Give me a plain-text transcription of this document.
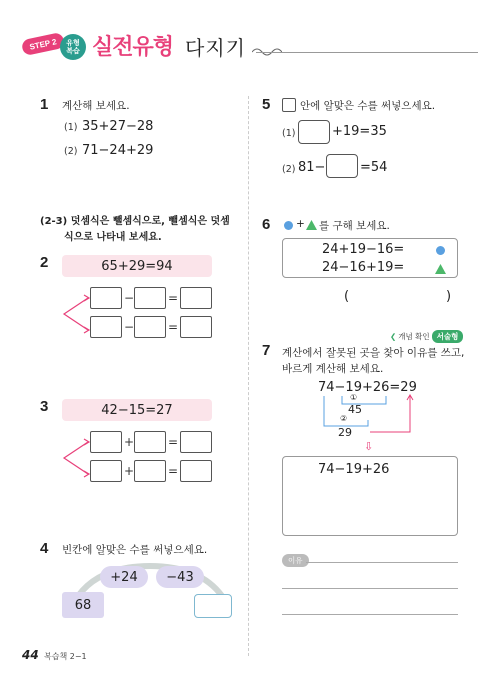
STEP 2	유형
복습 실전유형 다지기
1 계산해 보세요.
(1) 35+27−28
(2) 71−24+29
(2-3) 덧셈식은 뺄셈식으로, 뺄셈식은 덧셈
식으로 나타내 보세요.
2	65+29=94
−	=
−	=
3	42−15=27
+	=
+	=
4 빈칸에 알맞은 수를 써넣으세요.
+24	−43
68
5	안에 알맞은 수를 써넣으세요.
(1)	+19=35
(2) 81−	=54
6 + 를 구해 보세요.
24+19−16=
24−16+19=
(	)
❮ 개념 확인 서술형
7 계산에서 잘못된 곳을 찾아 이유를 쓰고,
바르게 계산해 보세요.
74−19+26=29
①
45
②
29
⇩
74−19+26
이유
44 복습책 2−1
